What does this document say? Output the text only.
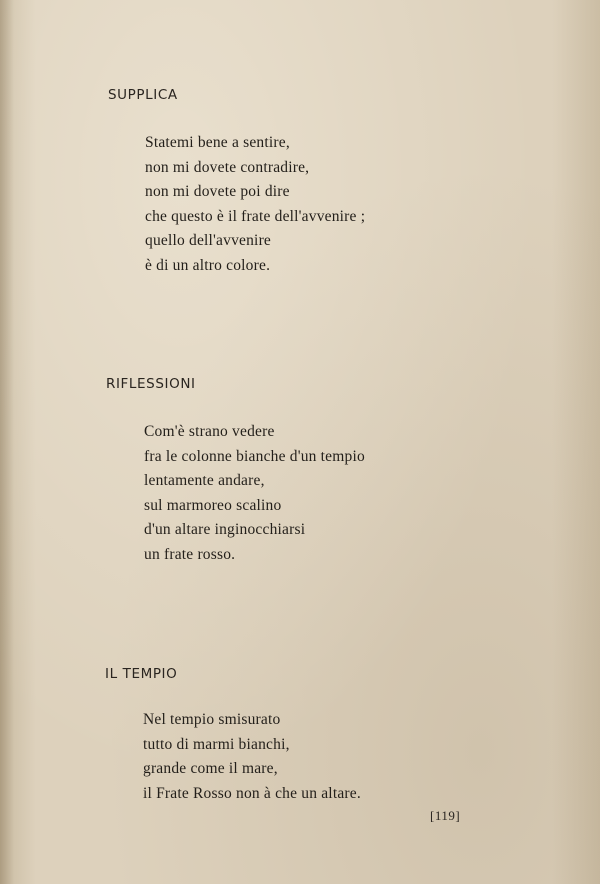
SUPPLICA
Statemi bene a sentire,
non mi dovete contradire,
non mi dovete poi dire
che questo è il frate dell'avvenire ;
quello dell'avvenire
è di un altro colore.
RIFLESSIONI
Com'è strano vedere
fra le colonne bianche d'un tempio
lentamente andare,
sul marmoreo scalino
d'un altare inginocchiarsi
un frate rosso.
IL TEMPIO
Nel tempio smisurato
tutto di marmi bianchi,
grande come il mare,
il Frate Rosso non à che un altare.
[119]
